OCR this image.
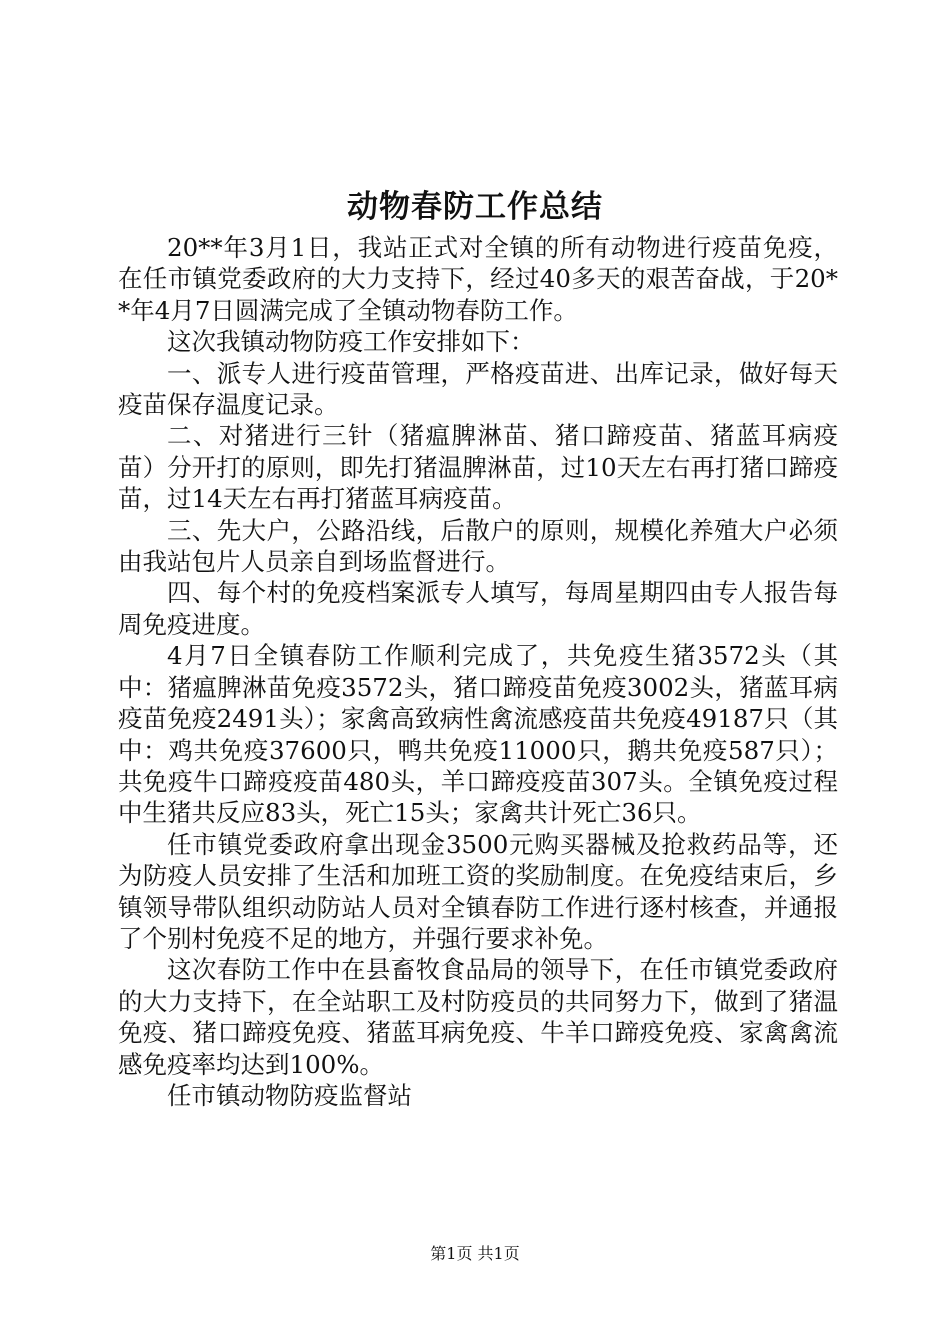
动物春防工作总结

20**年3月1日，我站正式对全镇的所有动物进行疫苗免疫，在任市镇党委政府的大力支持下，经过40多天的艰苦奋战，于20**年4月7日圆满完成了全镇动物春防工作。

这次我镇动物防疫工作安排如下：

一、派专人进行疫苗管理，严格疫苗进、出库记录，做好每天疫苗保存温度记录。

二、对猪进行三针（猪瘟脾淋苗、猪口蹄疫苗、猪蓝耳病疫苗）分开打的原则，即先打猪温脾淋苗，过10天左右再打猪口蹄疫苗，过14天左右再打猪蓝耳病疫苗。

三、先大户，公路沿线，后散户的原则，规模化养殖大户必须由我站包片人员亲自到场监督进行。

四、每个村的免疫档案派专人填写，每周星期四由专人报告每周免疫进度。

4月7日全镇春防工作顺利完成了，共免疫生猪3572头（其中：猪瘟脾淋苗免疫3572头，猪口蹄疫苗免疫3002头，猪蓝耳病疫苗免疫2491头）；家禽高致病性禽流感疫苗共免疫49187只（其中：鸡共免疫37600只，鸭共免疫11000只，鹅共免疫587只）；共免疫牛口蹄疫疫苗480头，羊口蹄疫疫苗307头。全镇免疫过程中生猪共反应83头，死亡15头；家禽共计死亡36只。

任市镇党委政府拿出现金3500元购买器械及抢救药品等，还为防疫人员安排了生活和加班工资的奖励制度。在免疫结束后，乡镇领导带队组织动防站人员对全镇春防工作进行逐村核查，并通报了个别村免疫不足的地方，并强行要求补免。

这次春防工作中在县畜牧食品局的领导下，在任市镇党委政府的大力支持下，在全站职工及村防疫员的共同努力下，做到了猪温免疫、猪口蹄疫免疫、猪蓝耳病免疫、牛羊口蹄疫免疫、家禽禽流感免疫率均达到100%。

任市镇动物防疫监督站

第1页 共1页
